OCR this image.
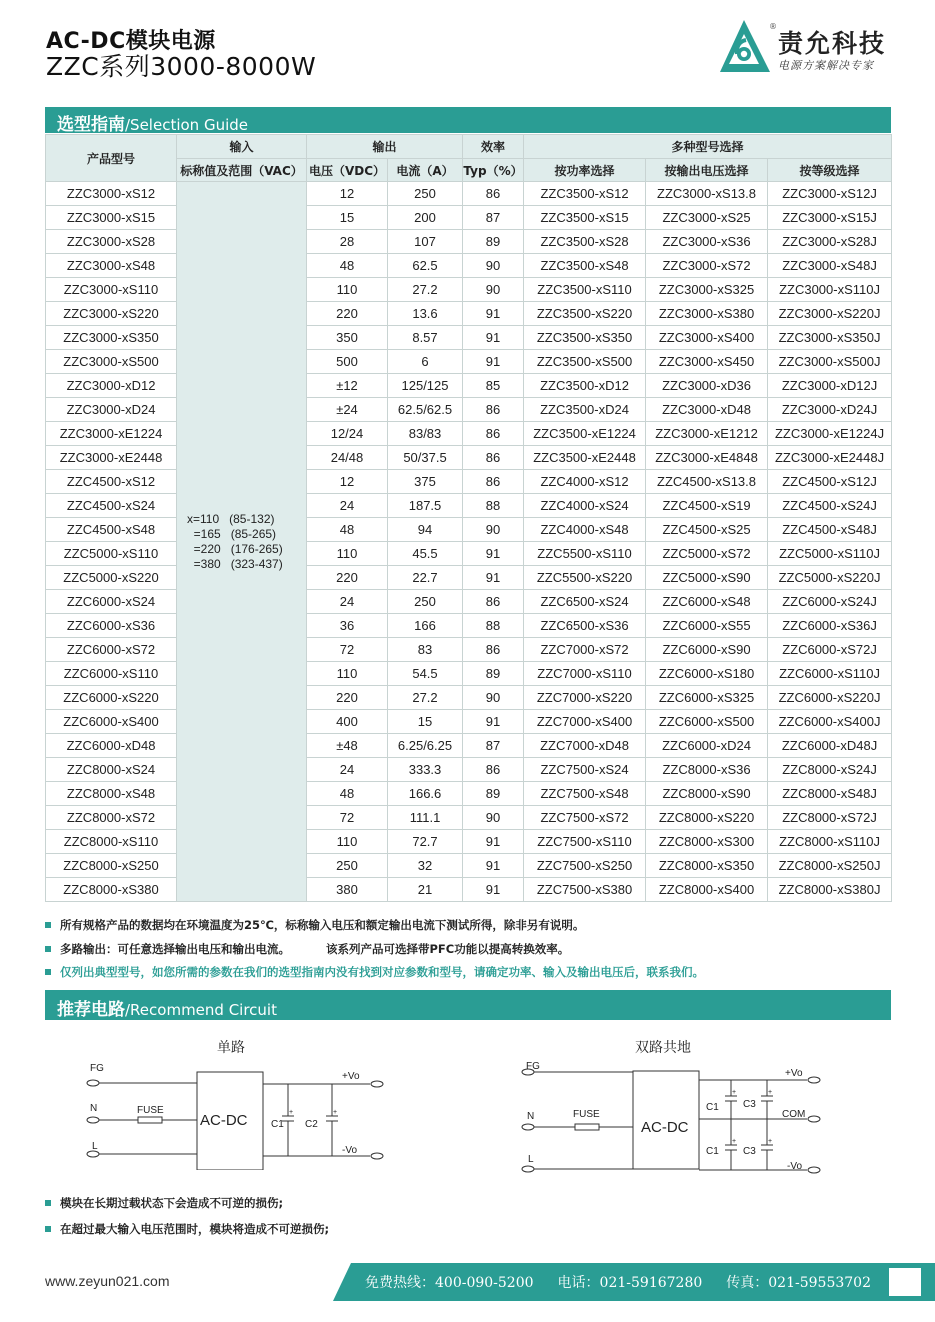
AC-DC模块电源
ZZC系列3000-8000W
®
责允科技
电源方案解决专家
选型指南/Selection Guide
产品型号	输入	输出		效率	多种型号选择		
	标称值及范围（VAC）	电压（VDC）	电流（A）	Typ（%）	按功率选择	按输出电压选择	按等级选择
ZZC3000-xS12	x=110   (85-132)
=165   (85-265)
=220   (176-265)
=380   (323-437)	12	250	86	ZZC3500-xS12	ZZC3000-xS13.8	ZZC3000-xS12J
ZZC3000-xS15		15	200	87	ZZC3500-xS15	ZZC3000-xS25	ZZC3000-xS15J
ZZC3000-xS28		28	107	89	ZZC3500-xS28	ZZC3000-xS36	ZZC3000-xS28J
ZZC3000-xS48		48	62.5	90	ZZC3500-xS48	ZZC3000-xS72	ZZC3000-xS48J
ZZC3000-xS110		110	27.2	90	ZZC3500-xS110	ZZC3000-xS325	ZZC3000-xS110J
ZZC3000-xS220		220	13.6	91	ZZC3500-xS220	ZZC3000-xS380	ZZC3000-xS220J
ZZC3000-xS350		350	8.57	91	ZZC3500-xS350	ZZC3000-xS400	ZZC3000-xS350J
ZZC3000-xS500		500	6	91	ZZC3500-xS500	ZZC3000-xS450	ZZC3000-xS500J
ZZC3000-xD12		±12	125/125	85	ZZC3500-xD12	ZZC3000-xD36	ZZC3000-xD12J
ZZC3000-xD24		±24	62.5/62.5	86	ZZC3500-xD24	ZZC3000-xD48	ZZC3000-xD24J
ZZC3000-xE1224		12/24	83/83	86	ZZC3500-xE1224	ZZC3000-xE1212	ZZC3000-xE1224J
ZZC3000-xE2448		24/48	50/37.5	86	ZZC3500-xE2448	ZZC3000-xE4848	ZZC3000-xE2448J
ZZC4500-xS12		12	375	86	ZZC4000-xS12	ZZC4500-xS13.8	ZZC4500-xS12J
ZZC4500-xS24		24	187.5	88	ZZC4000-xS24	ZZC4500-xS19	ZZC4500-xS24J
ZZC4500-xS48		48	94	90	ZZC4000-xS48	ZZC4500-xS25	ZZC4500-xS48J
ZZC5000-xS110		110	45.5	91	ZZC5500-xS110	ZZC5000-xS72	ZZC5000-xS110J
ZZC5000-xS220		220	22.7	91	ZZC5500-xS220	ZZC5000-xS90	ZZC5000-xS220J
ZZC6000-xS24		24	250	86	ZZC6500-xS24	ZZC6000-xS48	ZZC6000-xS24J
ZZC6000-xS36		36	166	88	ZZC6500-xS36	ZZC6000-xS55	ZZC6000-xS36J
ZZC6000-xS72		72	83	86	ZZC7000-xS72	ZZC6000-xS90	ZZC6000-xS72J
ZZC6000-xS110		110	54.5	89	ZZC7000-xS110	ZZC6000-xS180	ZZC6000-xS110J
ZZC6000-xS220		220	27.2	90	ZZC7000-xS220	ZZC6000-xS325	ZZC6000-xS220J
ZZC6000-xS400		400	15	91	ZZC7000-xS400	ZZC6000-xS500	ZZC6000-xS400J
ZZC6000-xD48		±48	6.25/6.25	87	ZZC7000-xD48	ZZC6000-xD24	ZZC6000-xD48J
ZZC8000-xS24		24	333.3	86	ZZC7500-xS24	ZZC8000-xS36	ZZC8000-xS24J
ZZC8000-xS48		48	166.6	89	ZZC7500-xS48	ZZC8000-xS90	ZZC8000-xS48J
ZZC8000-xS72		72	111.1	90	ZZC7500-xS72	ZZC8000-xS220	ZZC8000-xS72J
ZZC8000-xS110		110	72.7	91	ZZC7500-xS110	ZZC8000-xS300	ZZC8000-xS110J
ZZC8000-xS250		250	32	91	ZZC7500-xS250	ZZC8000-xS350	ZZC8000-xS250J
ZZC8000-xS380		380	21	91	ZZC7500-xS380	ZZC8000-xS400	ZZC8000-xS380J
所有规格产品的数据均在环境温度为25℃，标称输入电压和额定输出电流下测试所得，除非另有说明。
多路输出：可任意选择输出电压和输出电流。	该系列产品可选择带PFC功能以提高转换效率。
仅列出典型型号，如您所需的参数在我们的选型指南内没有找到对应参数和型号，请确定功率、输入及输出电压后，联系我们。
推荐电路/Recommend Circuit
单路
FG
N
L
FUSE
AC-DC C1
+
C2
+
+Vo
-Vo
双路共地
FG
N
L
FUSE
AC-DC
C1
+
C3
+
C1
+
C3
+
+Vo
COM
-Vo
模块在长期过载状态下会造成不可逆的损伤;
在超过最大输入电压范围时，模块将造成不可逆损伤;
www.zeyun021.com	免费热线：400-090-5200 电话：021-59167280 传真：021-59553702
